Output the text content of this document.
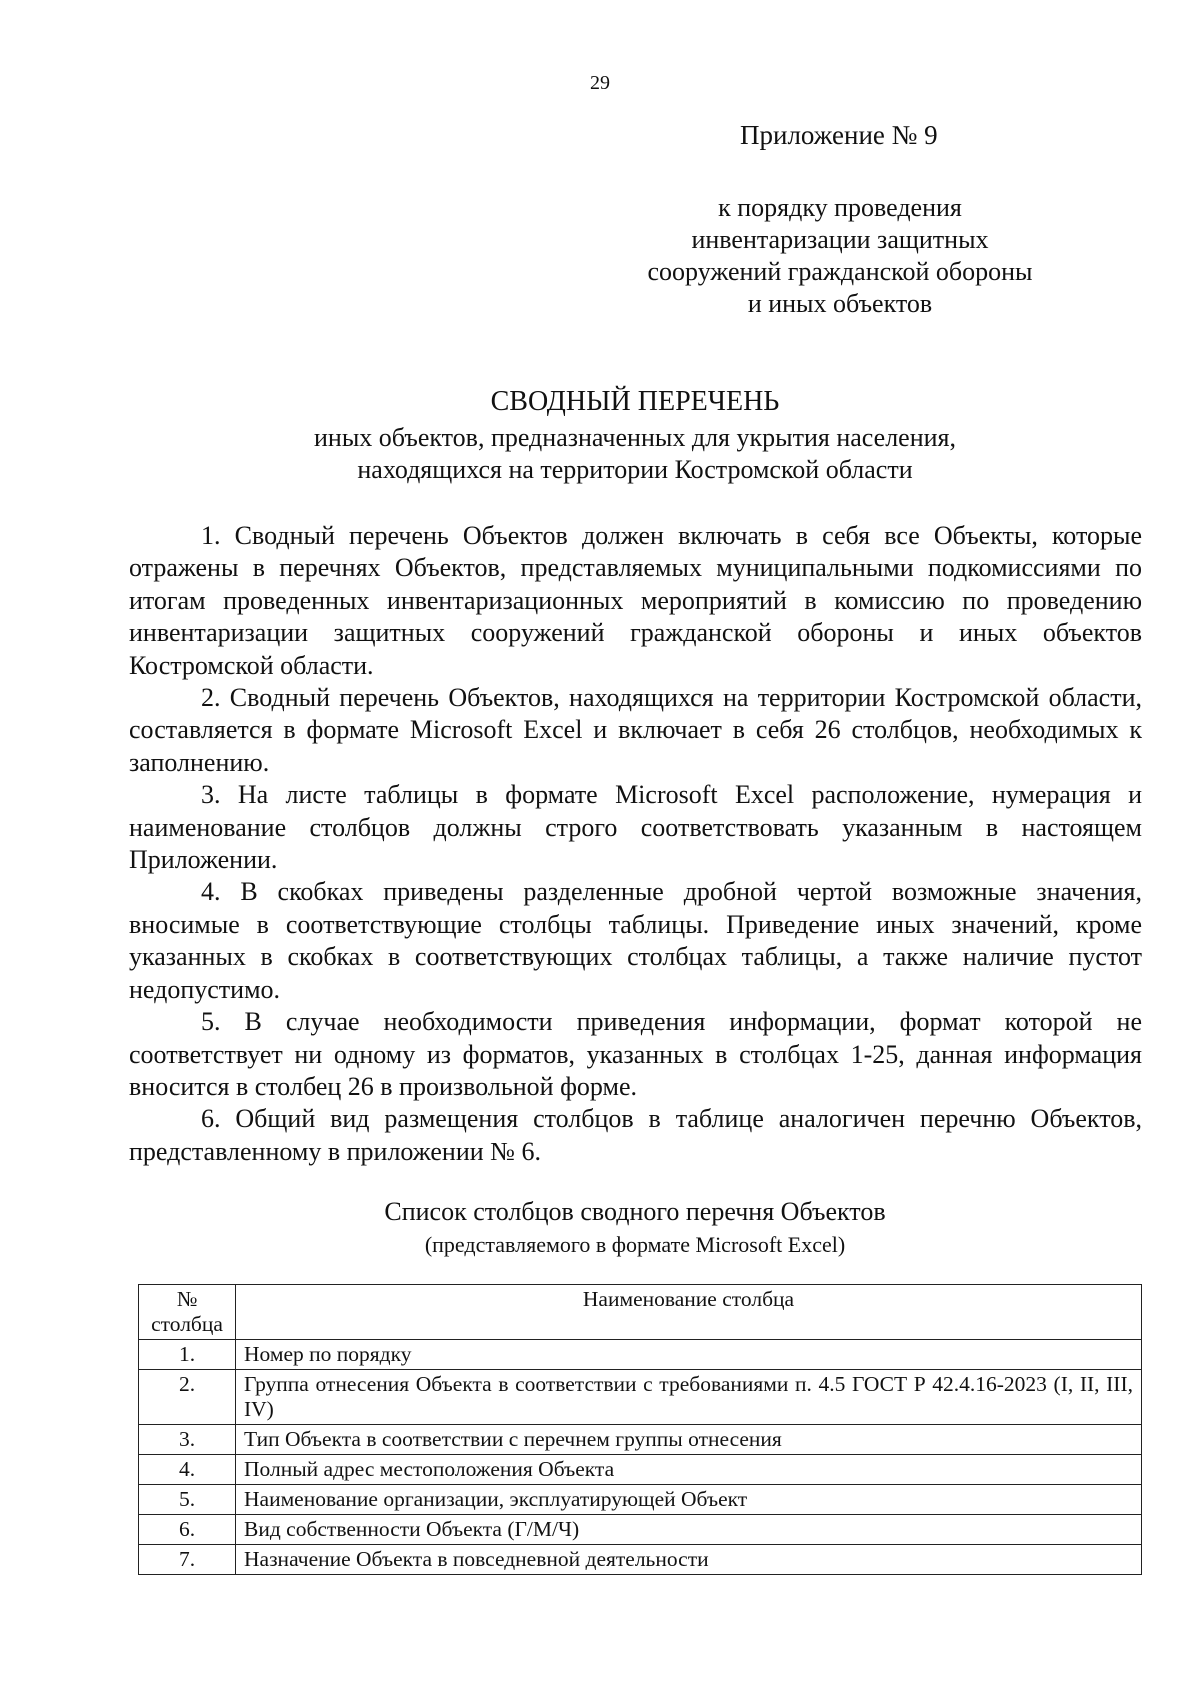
29
Приложение № 9
к порядку проведения
инвентаризации защитных
сооружений гражданской обороны
и иных объектов
СВОДНЫЙ ПЕРЕЧЕНЬ
иных объектов, предназначенных для укрытия населения,
находящихся на территории Костромской области

1. Сводный перечень Объектов должен включать в себя все Объекты, которые отражены в перечнях Объектов, представляемых муниципальными подкомиссиями по итогам проведенных инвентаризационных мероприятий в комиссию по проведению инвентаризации защитных сооружений гражданской обороны и иных объектов Костромской области.

2. Сводный перечень Объектов, находящихся на территории Костромской области, составляется в формате Microsoft Excel и включает в себя 26 столбцов, необходимых к заполнению.

3. На листе таблицы в формате Microsoft Excel расположение, нумерация и наименование столбцов должны строго соответствовать указанным в настоящем Приложении.

4. В скобках приведены разделенные дробной чертой возможные значения, вносимые в соответствующие столбцы таблицы. Приведение иных значений, кроме указанных в скобках в соответствующих столбцах таблицы, а также наличие пустот недопустимо.

5. В случае необходимости приведения информации, формат которой не соответствует ни одному из форматов, указанных в столбцах 1-25, данная информация вносится в столбец 26 в произвольной форме.

6. Общий вид размещения столбцов в таблице аналогичен перечню Объектов, представленному в приложении № 6.

Список столбцов сводного перечня Объектов
(представляемого в формате Microsoft Excel)
№
столбца	Наименование столбца
1.	Номер по порядку
2.	Группа отнесения Объекта в соответствии с требованиями п. 4.5 ГОСТ Р 42.4.16-2023 (I, II, III, IV)
3.	Тип Объекта в соответствии с перечнем группы отнесения
4.	Полный адрес местоположения Объекта
5.	Наименование организации, эксплуатирующей Объект
6.	Вид собственности Объекта (Г/М/Ч)
7.	Назначение Объекта в повседневной деятельности
